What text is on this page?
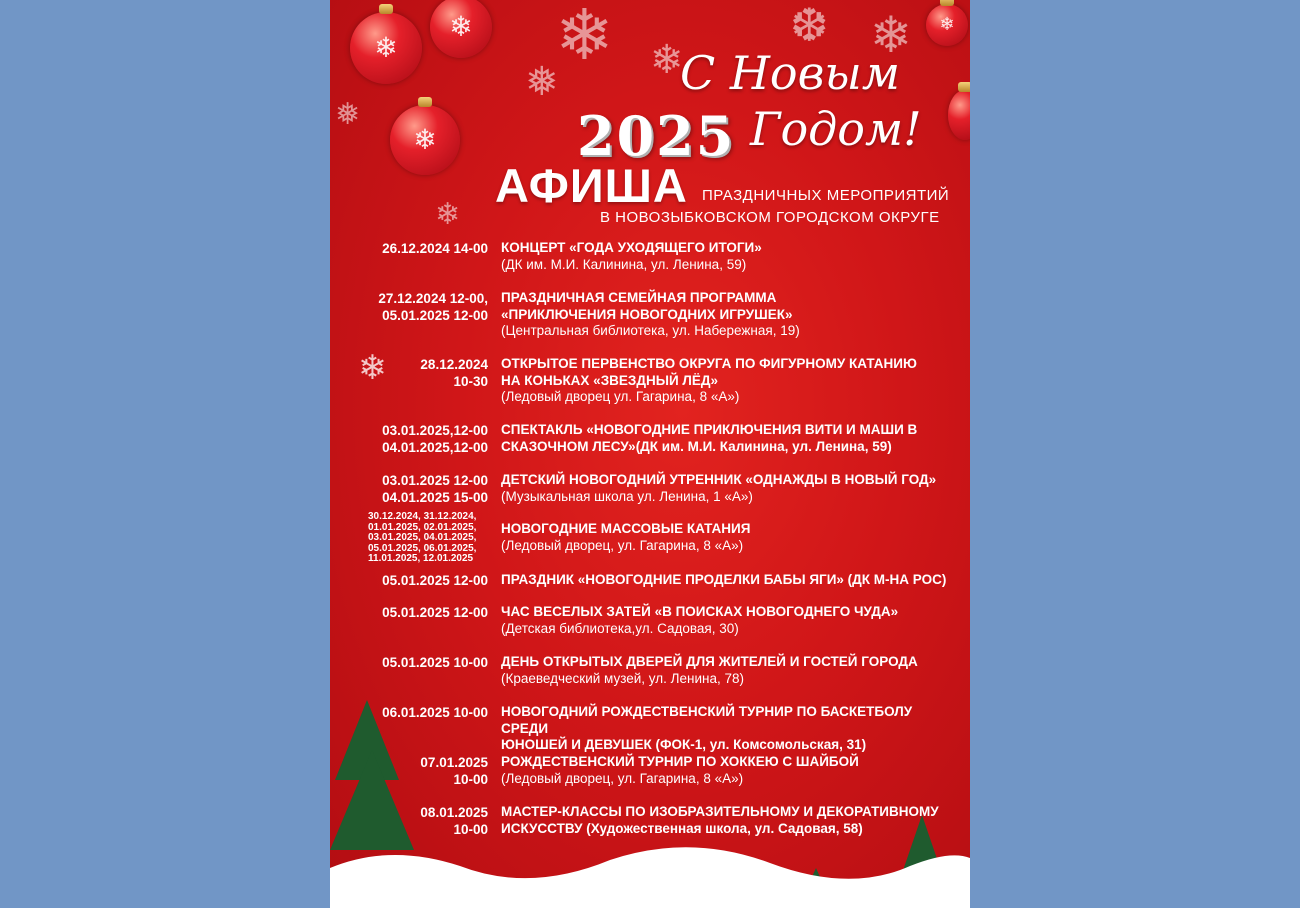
❄ ❄
❅
❆ ❄
❄
❅
❄
❄
❄
❄
С Новым
Годом!
2025
АФИША ПРАЗДНИЧНЫХ МЕРОПРИЯТИЙ
В НОВОЗЫБКОВСКОМ ГОРОДСКОМ ОКРУГЕ
❄
26.12.2024 14-00 КОНЦЕРТ «ГОДА УХОДЯЩЕГО ИТОГИ»
(ДК им. М.И. Калинина, ул. Ленина, 59)
27.12.2024 12-00,
05.01.2025 12-00
ПРАЗДНИЧНАЯ СЕМЕЙНАЯ ПРОГРАММА
«ПРИКЛЮЧЕНИЯ НОВОГОДНИХ ИГРУШЕК»
(Центральная библиотека, ул. Набережная, 19)
28.12.2024
10-30
ОТКРЫТОЕ ПЕРВЕНСТВО ОКРУГА ПО ФИГУРНОМУ КАТАНИЮ
НА КОНЬКАХ «ЗВЕЗДНЫЙ ЛЁД»
(Ледовый дворец ул. Гагарина, 8 «А»)
03.01.2025,12-00
04.01.2025,12-00
СПЕКТАКЛЬ «НОВОГОДНИЕ ПРИКЛЮЧЕНИЯ ВИТИ И МАШИ В
СКАЗОЧНОМ ЛЕСУ»(ДК им. М.И. Калинина, ул. Ленина, 59)
03.01.2025 12-00
04.01.2025 15-00
ДЕТСКИЙ НОВОГОДНИЙ УТРЕННИК «ОДНАЖДЫ В НОВЫЙ ГОД»
(Музыкальная школа ул. Ленина, 1 «А»)
30.12.2024, 31.12.2024,
01.01.2025, 02.01.2025,
03.01.2025, 04.01.2025,
05.01.2025, 06.01.2025,
11.01.2025, 12.01.2025
НОВОГОДНИЕ МАССОВЫЕ КАТАНИЯ
(Ледовый дворец, ул. Гагарина, 8 «А»)
05.01.2025 12-00 ПРАЗДНИК «НОВОГОДНИЕ ПРОДЕЛКИ БАБЫ ЯГИ» (ДК М-НА РОС)
05.01.2025 12-00 ЧАС ВЕСЕЛЫХ ЗАТЕЙ «В ПОИСКАХ НОВОГОДНЕГО ЧУДА»
(Детская библиотека,ул. Садовая, 30)
05.01.2025 10-00 ДЕНЬ ОТКРЫТЫХ ДВЕРЕЙ ДЛЯ ЖИТЕЛЕЙ И ГОСТЕЙ ГОРОДА
(Краеведческий музей, ул. Ленина, 78)
06.01.2025 10-00 НОВОГОДНИЙ РОЖДЕСТВЕНСКИЙ ТУРНИР ПО БАСКЕТБОЛУ СРЕДИ
ЮНОШЕЙ И ДЕВУШЕК (ФОК-1, ул. Комсомольская, 31)
07.01.2025
10-00
РОЖДЕСТВЕНСКИЙ ТУРНИР ПО ХОККЕЮ С ШАЙБОЙ
(Ледовый дворец, ул. Гагарина, 8 «А»)
08.01.2025
10-00
МАСТЕР-КЛАССЫ ПО ИЗОБРАЗИТЕЛЬНОМУ И ДЕКОРАТИВНОМУ
ИСКУССТВУ (Художественная школа, ул. Садовая, 58)
